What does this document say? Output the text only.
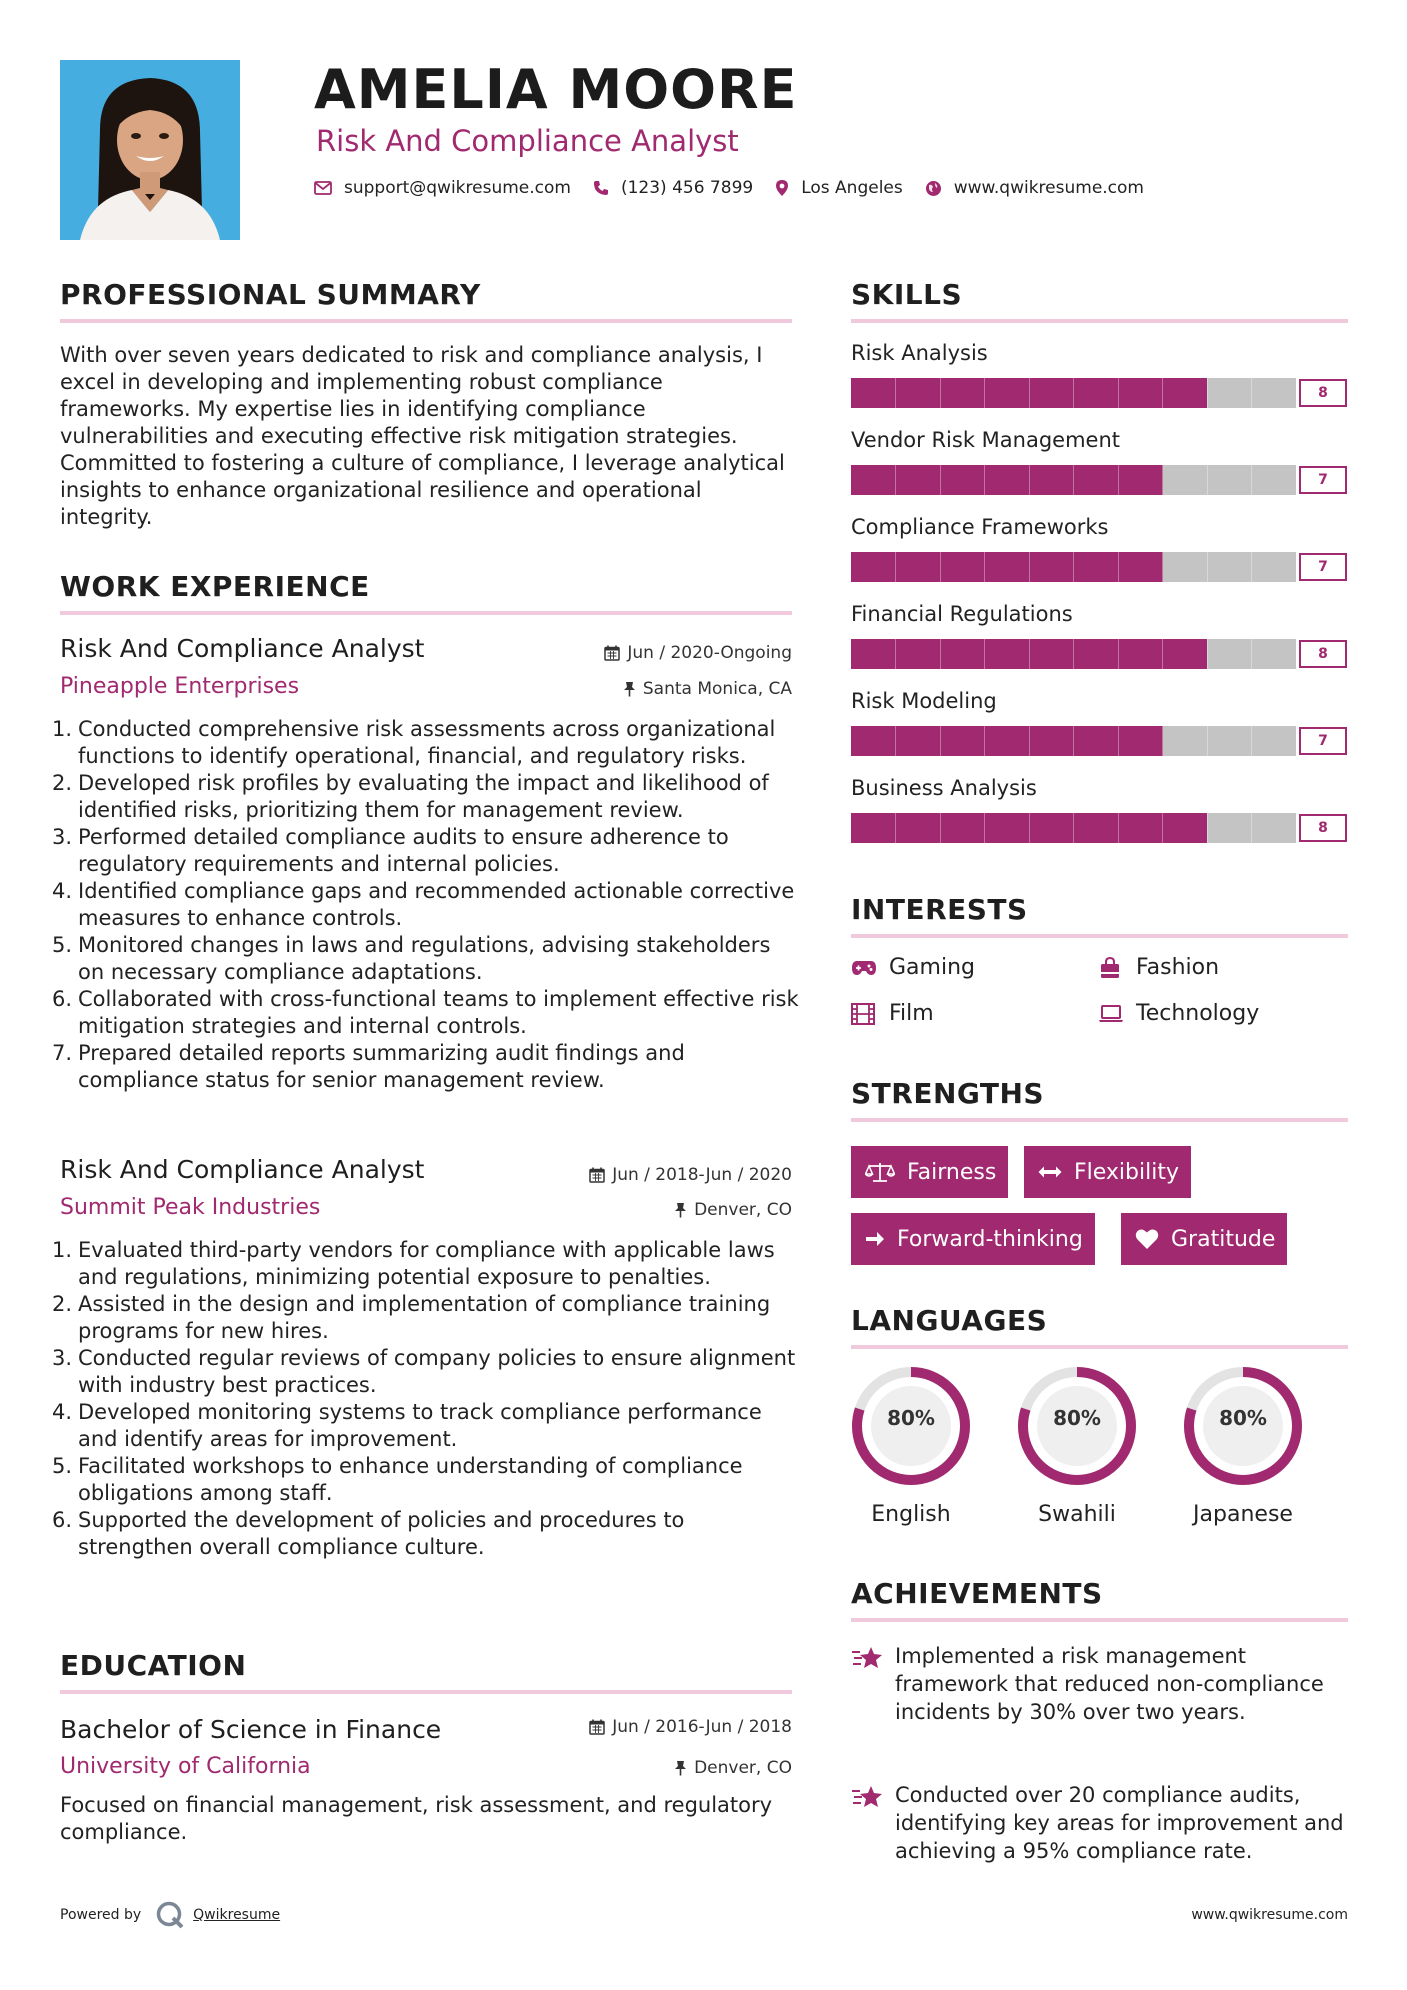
AMELIA MOORE
Risk And Compliance Analyst
support@qwikresume.com	(123) 456 7899	Los Angeles	www.qwikresume.com
PROFESSIONAL SUMMARY
With over seven years dedicated to risk and compliance analysis, I excel in developing and implementing robust compliance frameworks. My expertise lies in identifying compliance vulnerabilities and executing effective risk mitigation strategies. Committed to fostering a culture of compliance, I leverage analytical insights to enhance organizational resilience and operational integrity.
WORK EXPERIENCE
Risk And Compliance Analyst	Jun / 2020-Ongoing
Pineapple Enterprises	Santa Monica, CA
1. Conducted comprehensive risk assessments across organizational functions to identify operational, financial, and regulatory risks.
2. Developed risk profiles by evaluating the impact and likelihood of identified risks, prioritizing them for management review.
3. Performed detailed compliance audits to ensure adherence to regulatory requirements and internal policies.
4. Identified compliance gaps and recommended actionable corrective measures to enhance controls.
5. Monitored changes in laws and regulations, advising stakeholders on necessary compliance adaptations.
6. Collaborated with cross-functional teams to implement effective risk mitigation strategies and internal controls.
7. Prepared detailed reports summarizing audit findings and compliance status for senior management review.
Risk And Compliance Analyst	Jun / 2018-Jun / 2020
Summit Peak Industries	Denver, CO
1. Evaluated third-party vendors for compliance with applicable laws and regulations, minimizing potential exposure to penalties.
2. Assisted in the design and implementation of compliance training programs for new hires.
3. Conducted regular reviews of company policies to ensure alignment with industry best practices.
4. Developed monitoring systems to track compliance performance and identify areas for improvement.
5. Facilitated workshops to enhance understanding of compliance obligations among staff.
6. Supported the development of policies and procedures to strengthen overall compliance culture.
EDUCATION
Bachelor of Science in Finance	Jun / 2016-Jun / 2018
University of California	Denver, CO
Focused on financial management, risk assessment, and regulatory compliance.
SKILLS
Risk Analysis
8
Vendor Risk Management
7
Compliance Frameworks
7
Financial Regulations
8
Risk Modeling
7
Business Analysis
8
INTERESTS
Gaming	Fashion
Film	Technology
STRENGTHS
Fairness	Flexibility
Forward-thinking	Gratitude
LANGUAGES
80%
English
80%
Swahili
80%
Japanese
ACHIEVEMENTS
Implemented a risk management framework that reduced non-compliance incidents by 30% over two years.
Conducted over 20 compliance audits, identifying key areas for improvement and achieving a 95% compliance rate.
Powered by	Qwikresume	www.qwikresume.com
